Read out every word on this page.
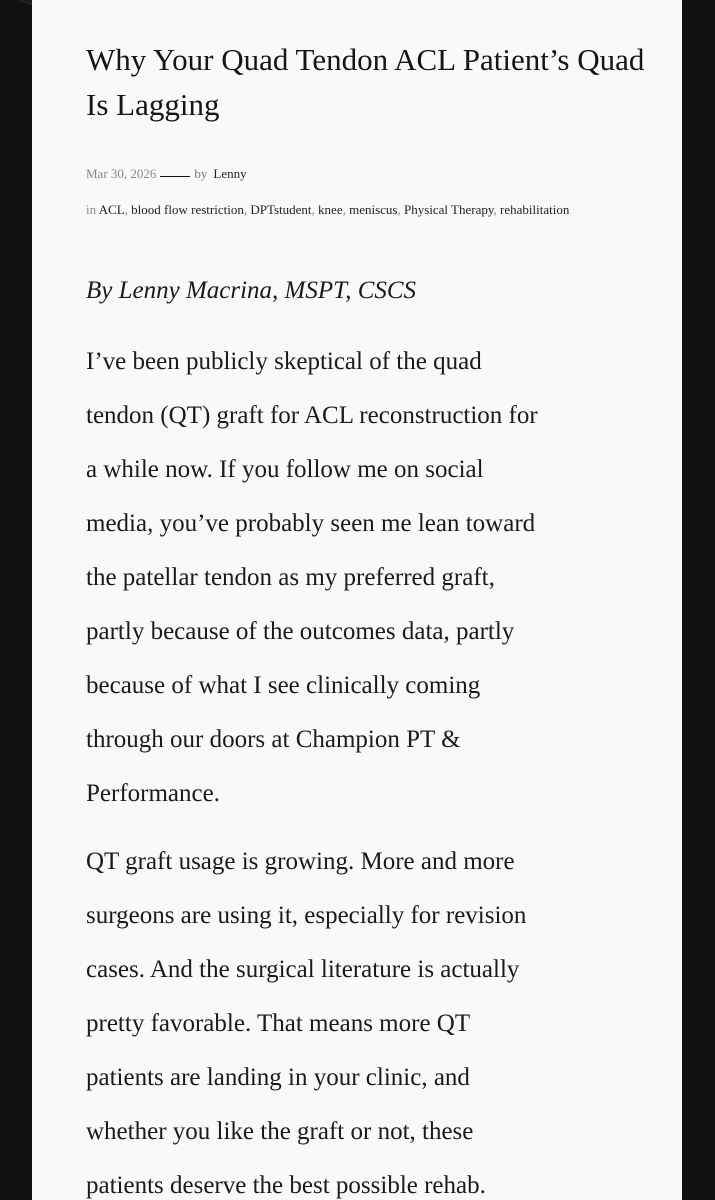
Why Your Quad Tendon ACL Patient’s Quad Is Lagging
Mar 30, 2026	by Lenny
in ACL, blood flow restriction, DPTstudent, knee, meniscus, Physical Therapy, rehabilitation
By Lenny Macrina, MSPT, CSCS

I’ve been publicly skeptical of the quad
tendon (QT) graft for ACL reconstruction for
a while now. If you follow me on social
media, you’ve probably seen me lean toward
the patellar tendon as my preferred graft,
partly because of the outcomes data, partly
because of what I see clinically coming
through our doors at Champion PT &
Performance.

QT graft usage is growing. More and more
surgeons are using it, especially for revision
cases. And the surgical literature is actually
pretty favorable. That means more QT
patients are landing in your clinic, and
whether you like the graft or not, these
patients deserve the best possible rehab.
